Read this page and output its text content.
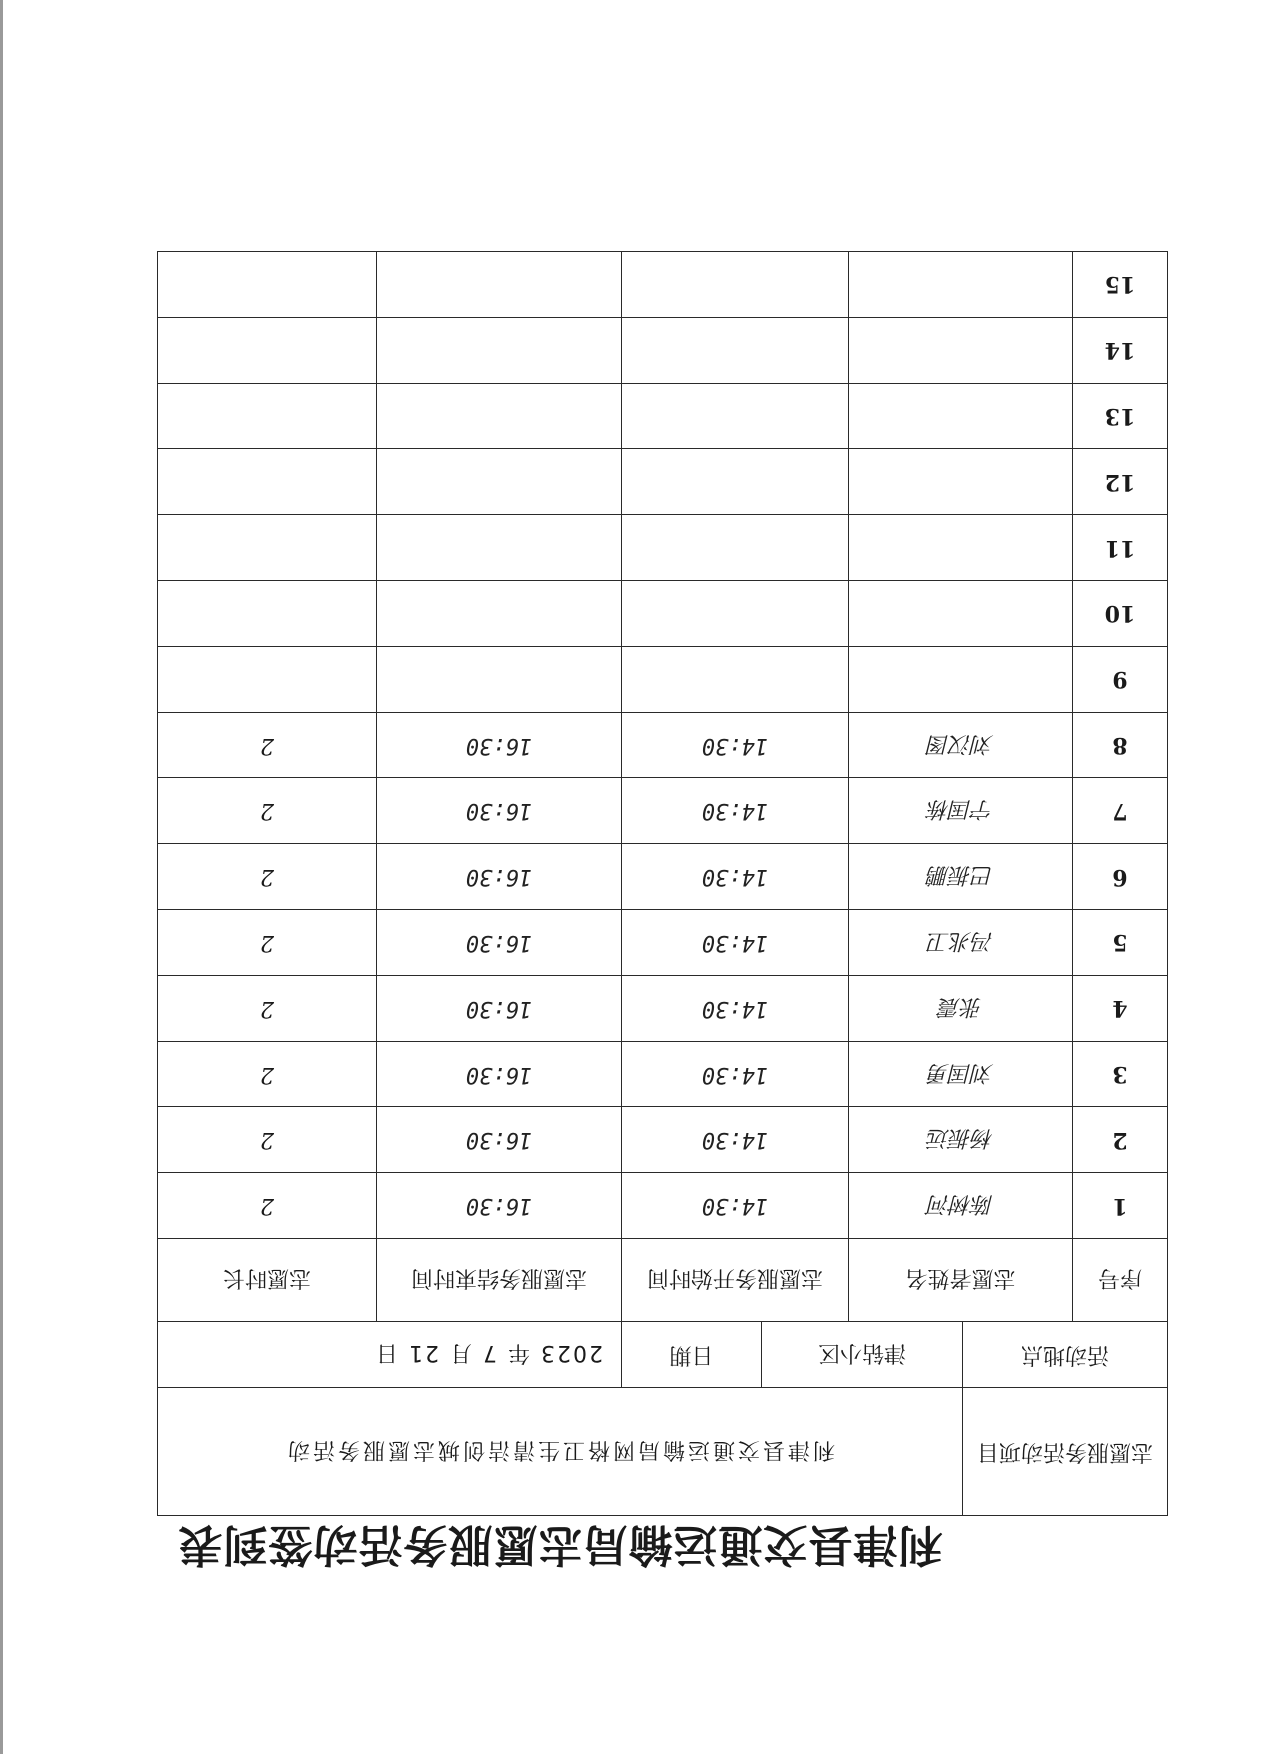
利津县交通运输局志愿服务活动签到表
志愿服务活动项目		利津县交通运输局网格卫生清洁创城志愿服务活动				
活动地点		津钻小区		日期	2023 年 7 月 21 日	
序号	志愿者姓名		志愿服务开始时间		志愿服务结束时间	志愿时长
1	陈树河		14:30		16:30	2
2	杨振远		14:30		16:30	2
3	刘国勇		14:30		16:30	2
4	张震		14:30		16:30	2
5	冯兆卫		14:30		16:30	2
6	巴振鹏		14:30		16:30	2
7	宁国栋		14:30		16:30	2
8	刘汉图		14:30		16:30	2
9						
10						
11						
12						
13						
14						
15						
